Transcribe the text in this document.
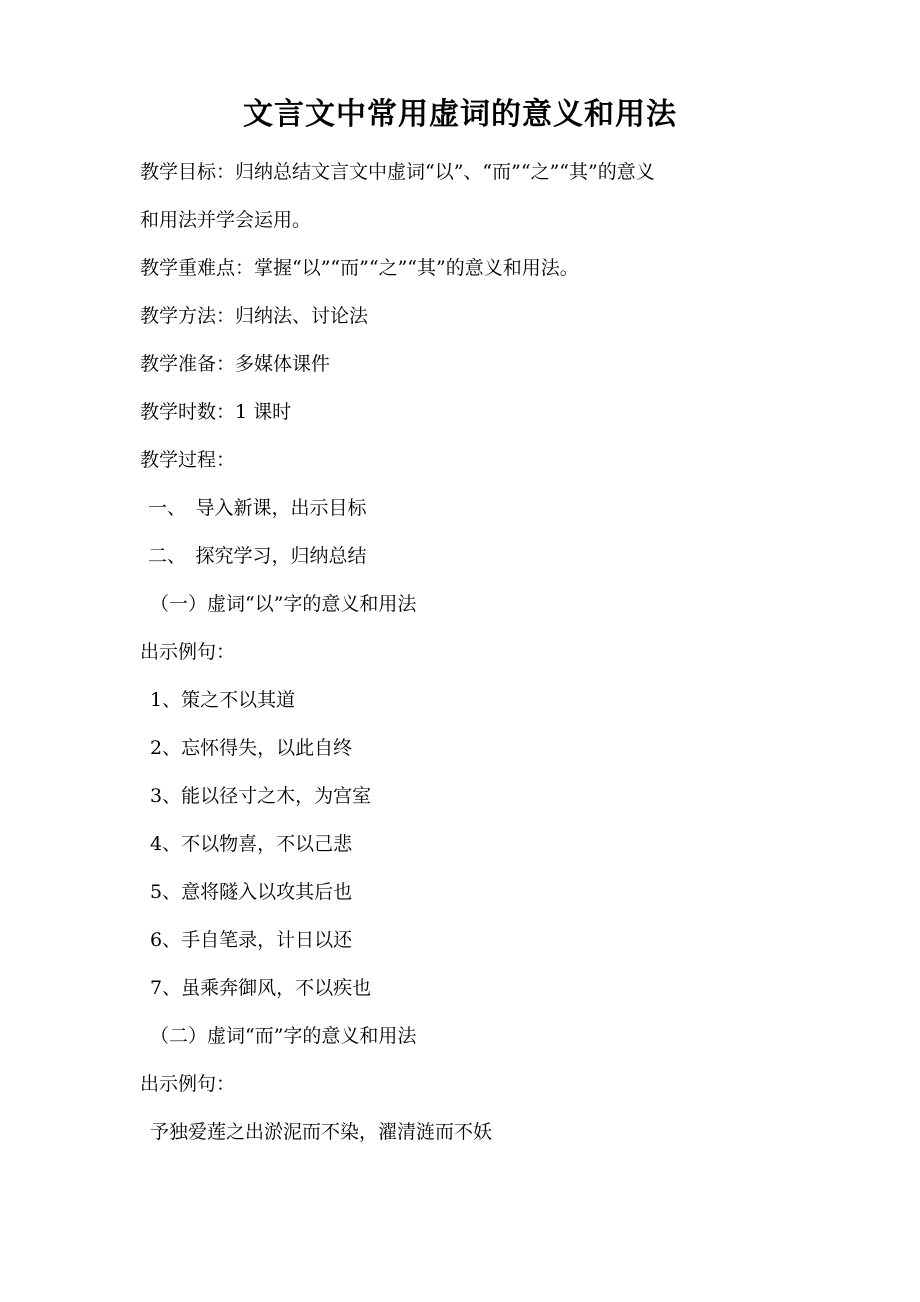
文言文中常用虚词的意义和用法

教学目标：归纳总结文言文中虚词“以”、“而”“之”“其”的意义

和用法并学会运用。

教学重难点：掌握“以”“而”“之”“其”的意义和用法。

教学方法：归纳法、讨论法

教学准备：多媒体课件

教学时数：1 课时

教学过程：

一、　导入新课，出示目标

二、　探究学习，归纳总结

（一）虚词“以”字的意义和用法

出示例句：

1、策之不以其道

2、忘怀得失，以此自终

3、能以径寸之木，为宫室

4、不以物喜，不以己悲

5、意将隧入以攻其后也

6、手自笔录，计日以还

7、虽乘奔御风，不以疾也

（二）虚词“而”字的意义和用法

出示例句：

予独爱莲之出淤泥而不染，濯清涟而不妖
